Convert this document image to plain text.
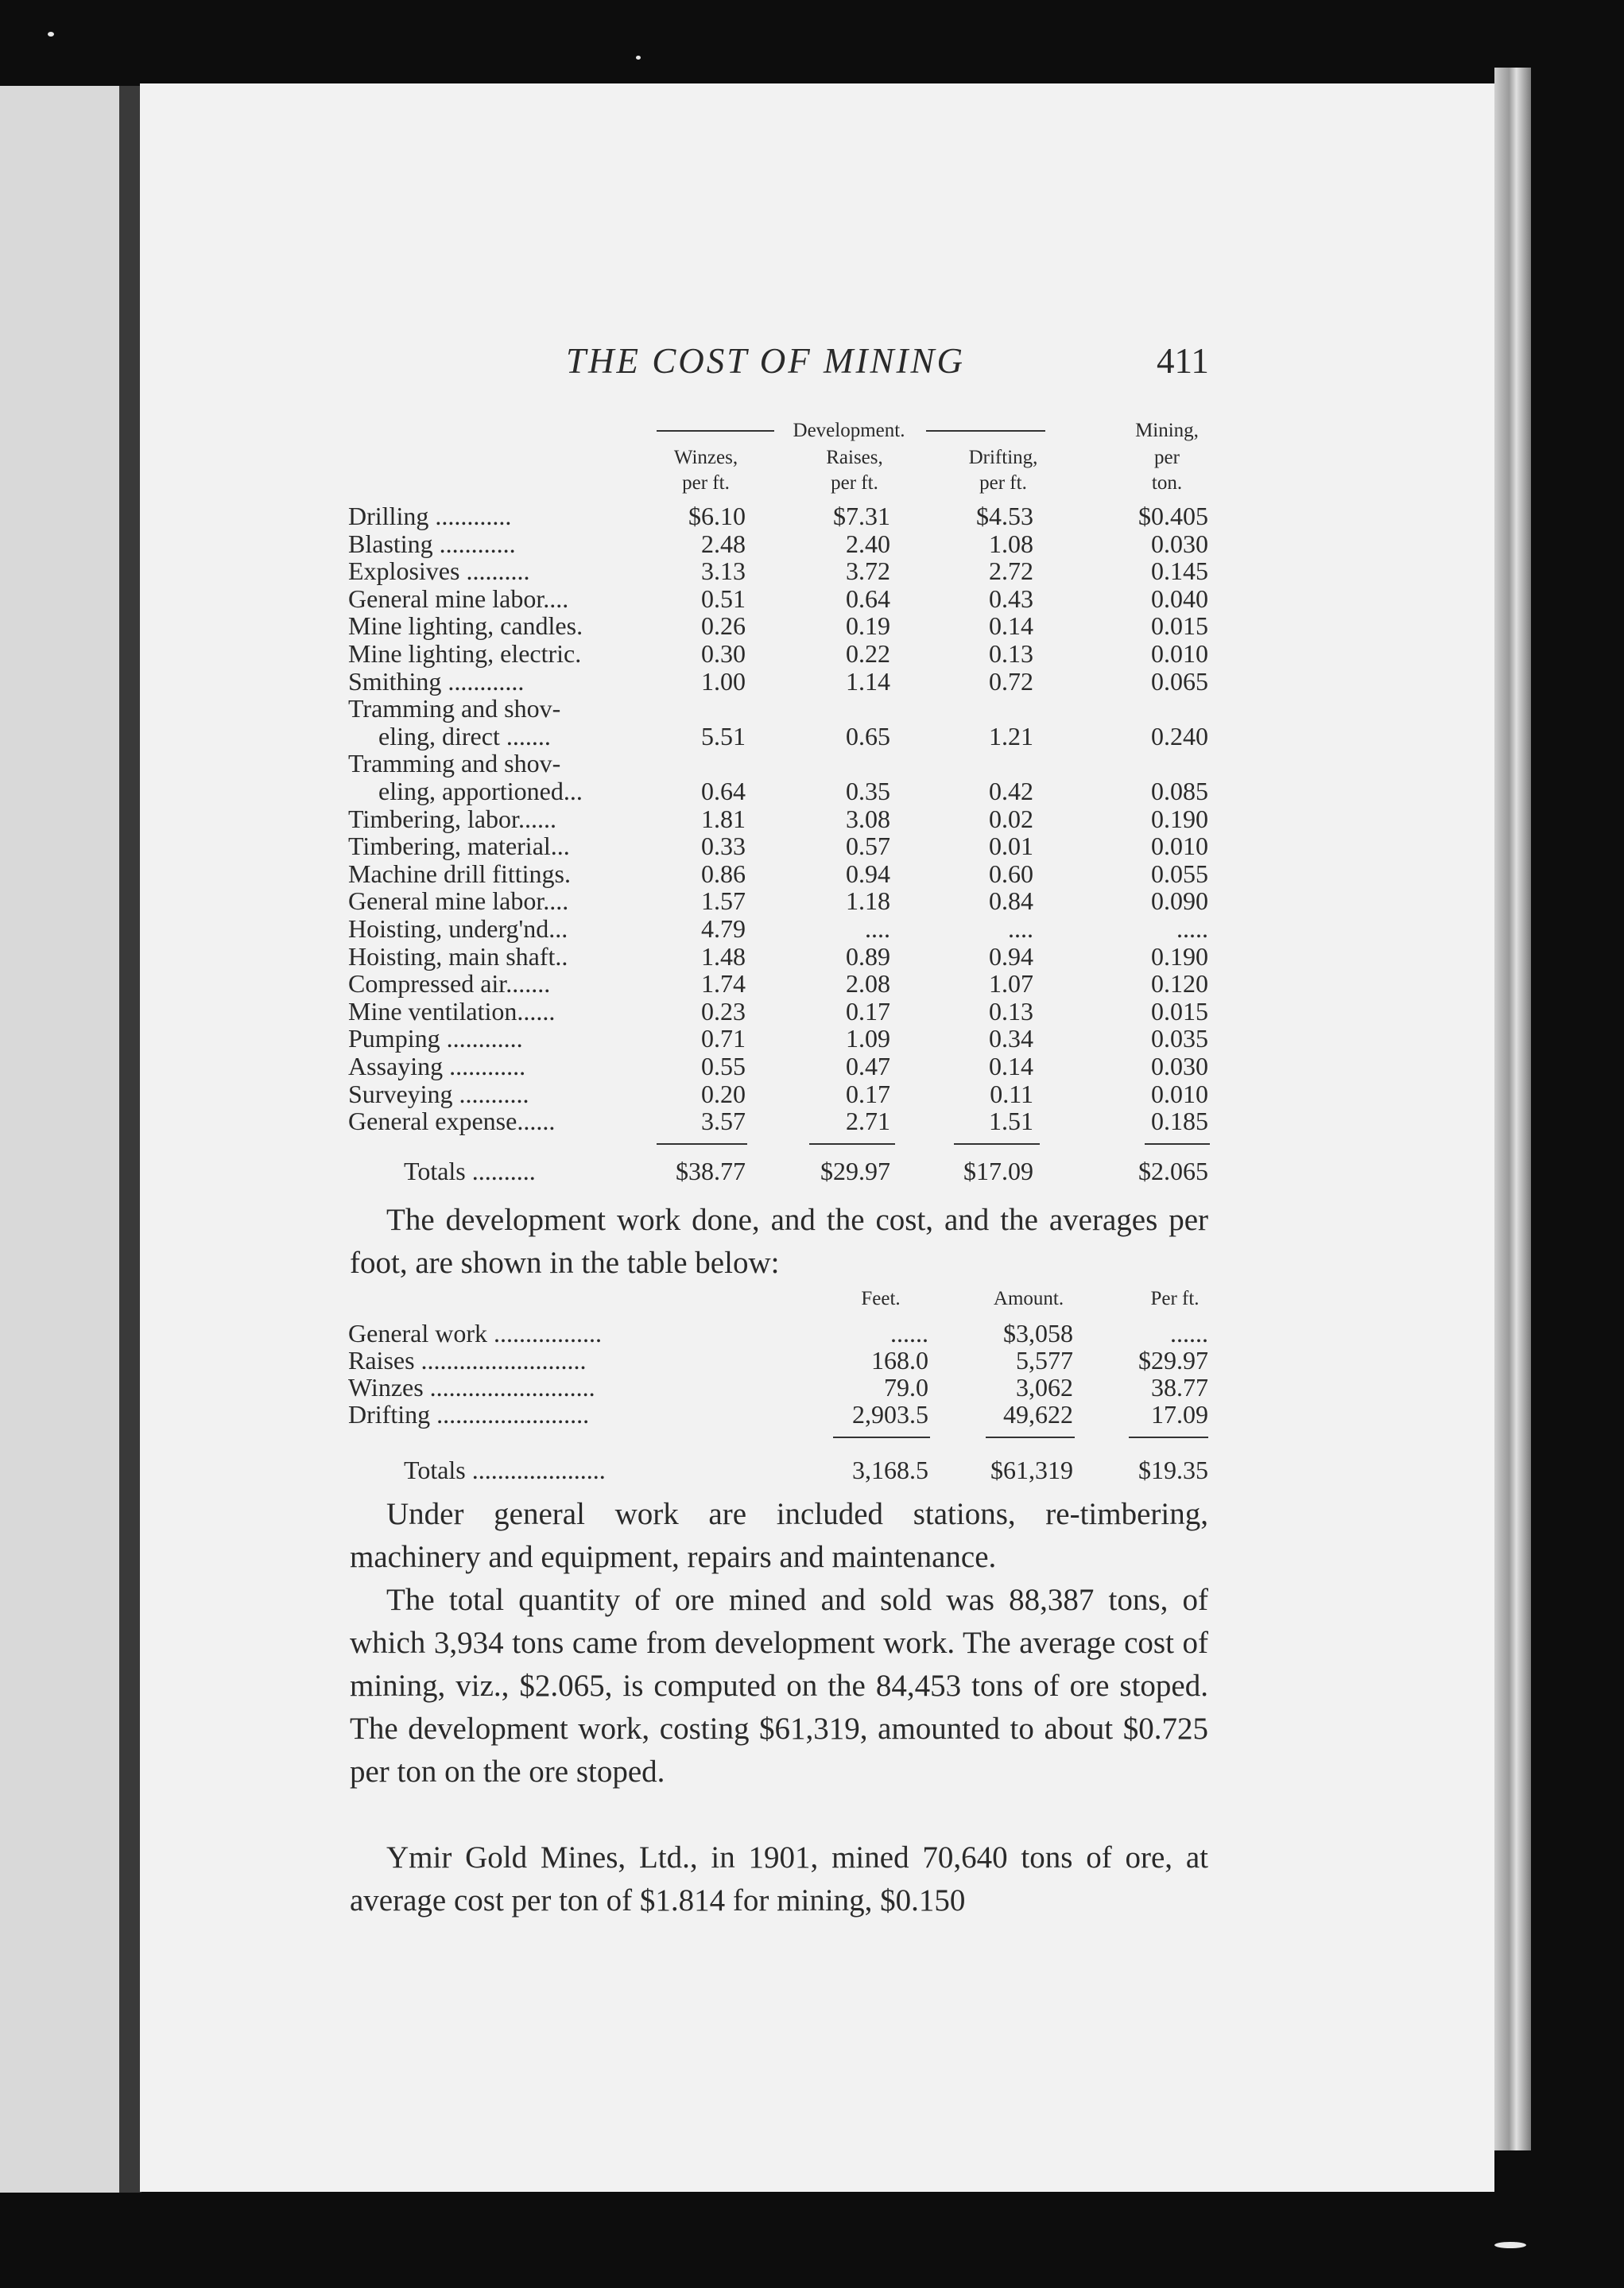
THE COST OF MINING	411
Development.
Winzes,
per ft.
Raises,
per ft.
Drifting,
per ft.
Mining,
per
ton.
Drilling ............	$6.10	$7.31	$4.53	$0.405
Blasting ............	2.48	2.40	1.08	0.030
Explosives ..........	3.13	3.72	2.72	0.145
General mine labor....	0.51	0.64	0.43	0.040
Mine lighting, candles.	0.26	0.19	0.14	0.015
Mine lighting, electric.	0.30	0.22	0.13	0.010
Smithing ............	1.00	1.14	0.72	0.065
Tramming and shov-
eling, direct .......	5.51	0.65	1.21	0.240
Tramming and shov-
eling, apportioned...	0.64	0.35	0.42	0.085
Timbering, labor......	1.81	3.08	0.02	0.190
Timbering, material...	0.33	0.57	0.01	0.010
Machine drill fittings.	0.86	0.94	0.60	0.055
General mine labor....	1.57	1.18	0.84	0.090
Hoisting, underg'nd...	4.79	....	....	.....
Hoisting, main shaft..	1.48	0.89	0.94	0.190
Compressed air.......	1.74	2.08	1.07	0.120
Mine ventilation......	0.23	0.17	0.13	0.015
Pumping ............	0.71	1.09	0.34	0.035
Assaying ............	0.55	0.47	0.14	0.030
Surveying ...........	0.20	0.17	0.11	0.010
General expense......	3.57	2.71	1.51	0.185
Totals ..........	$38.77	$29.97	$17.09	$2.065
Feet.	Amount.	Per ft.
General work .................	......	$3,058	......
Raises ..........................	168.0	5,577	$29.97
Winzes ..........................	79.0	3,062	38.77
Drifting ........................	2,903.5	49,622	17.09
Totals .....................	3,168.5	$61,319	$19.35

The development work done, and the cost, and the averages per foot, are shown in the table below:

Under general work are included stations, re-timbering, machinery and equipment, repairs and maintenance.

The total quantity of ore mined and sold was 88,387 tons, of which 3,934 tons came from development work. The average cost of mining, viz., $2.065, is computed on the 84,453 tons of ore stoped. The development work, costing $61,319, amounted to about $0.725 per ton on the ore stoped.

Ymir Gold Mines, Ltd., in 1901, mined 70,640 tons of ore, at average cost per ton of $1.814 for mining, $0.150
